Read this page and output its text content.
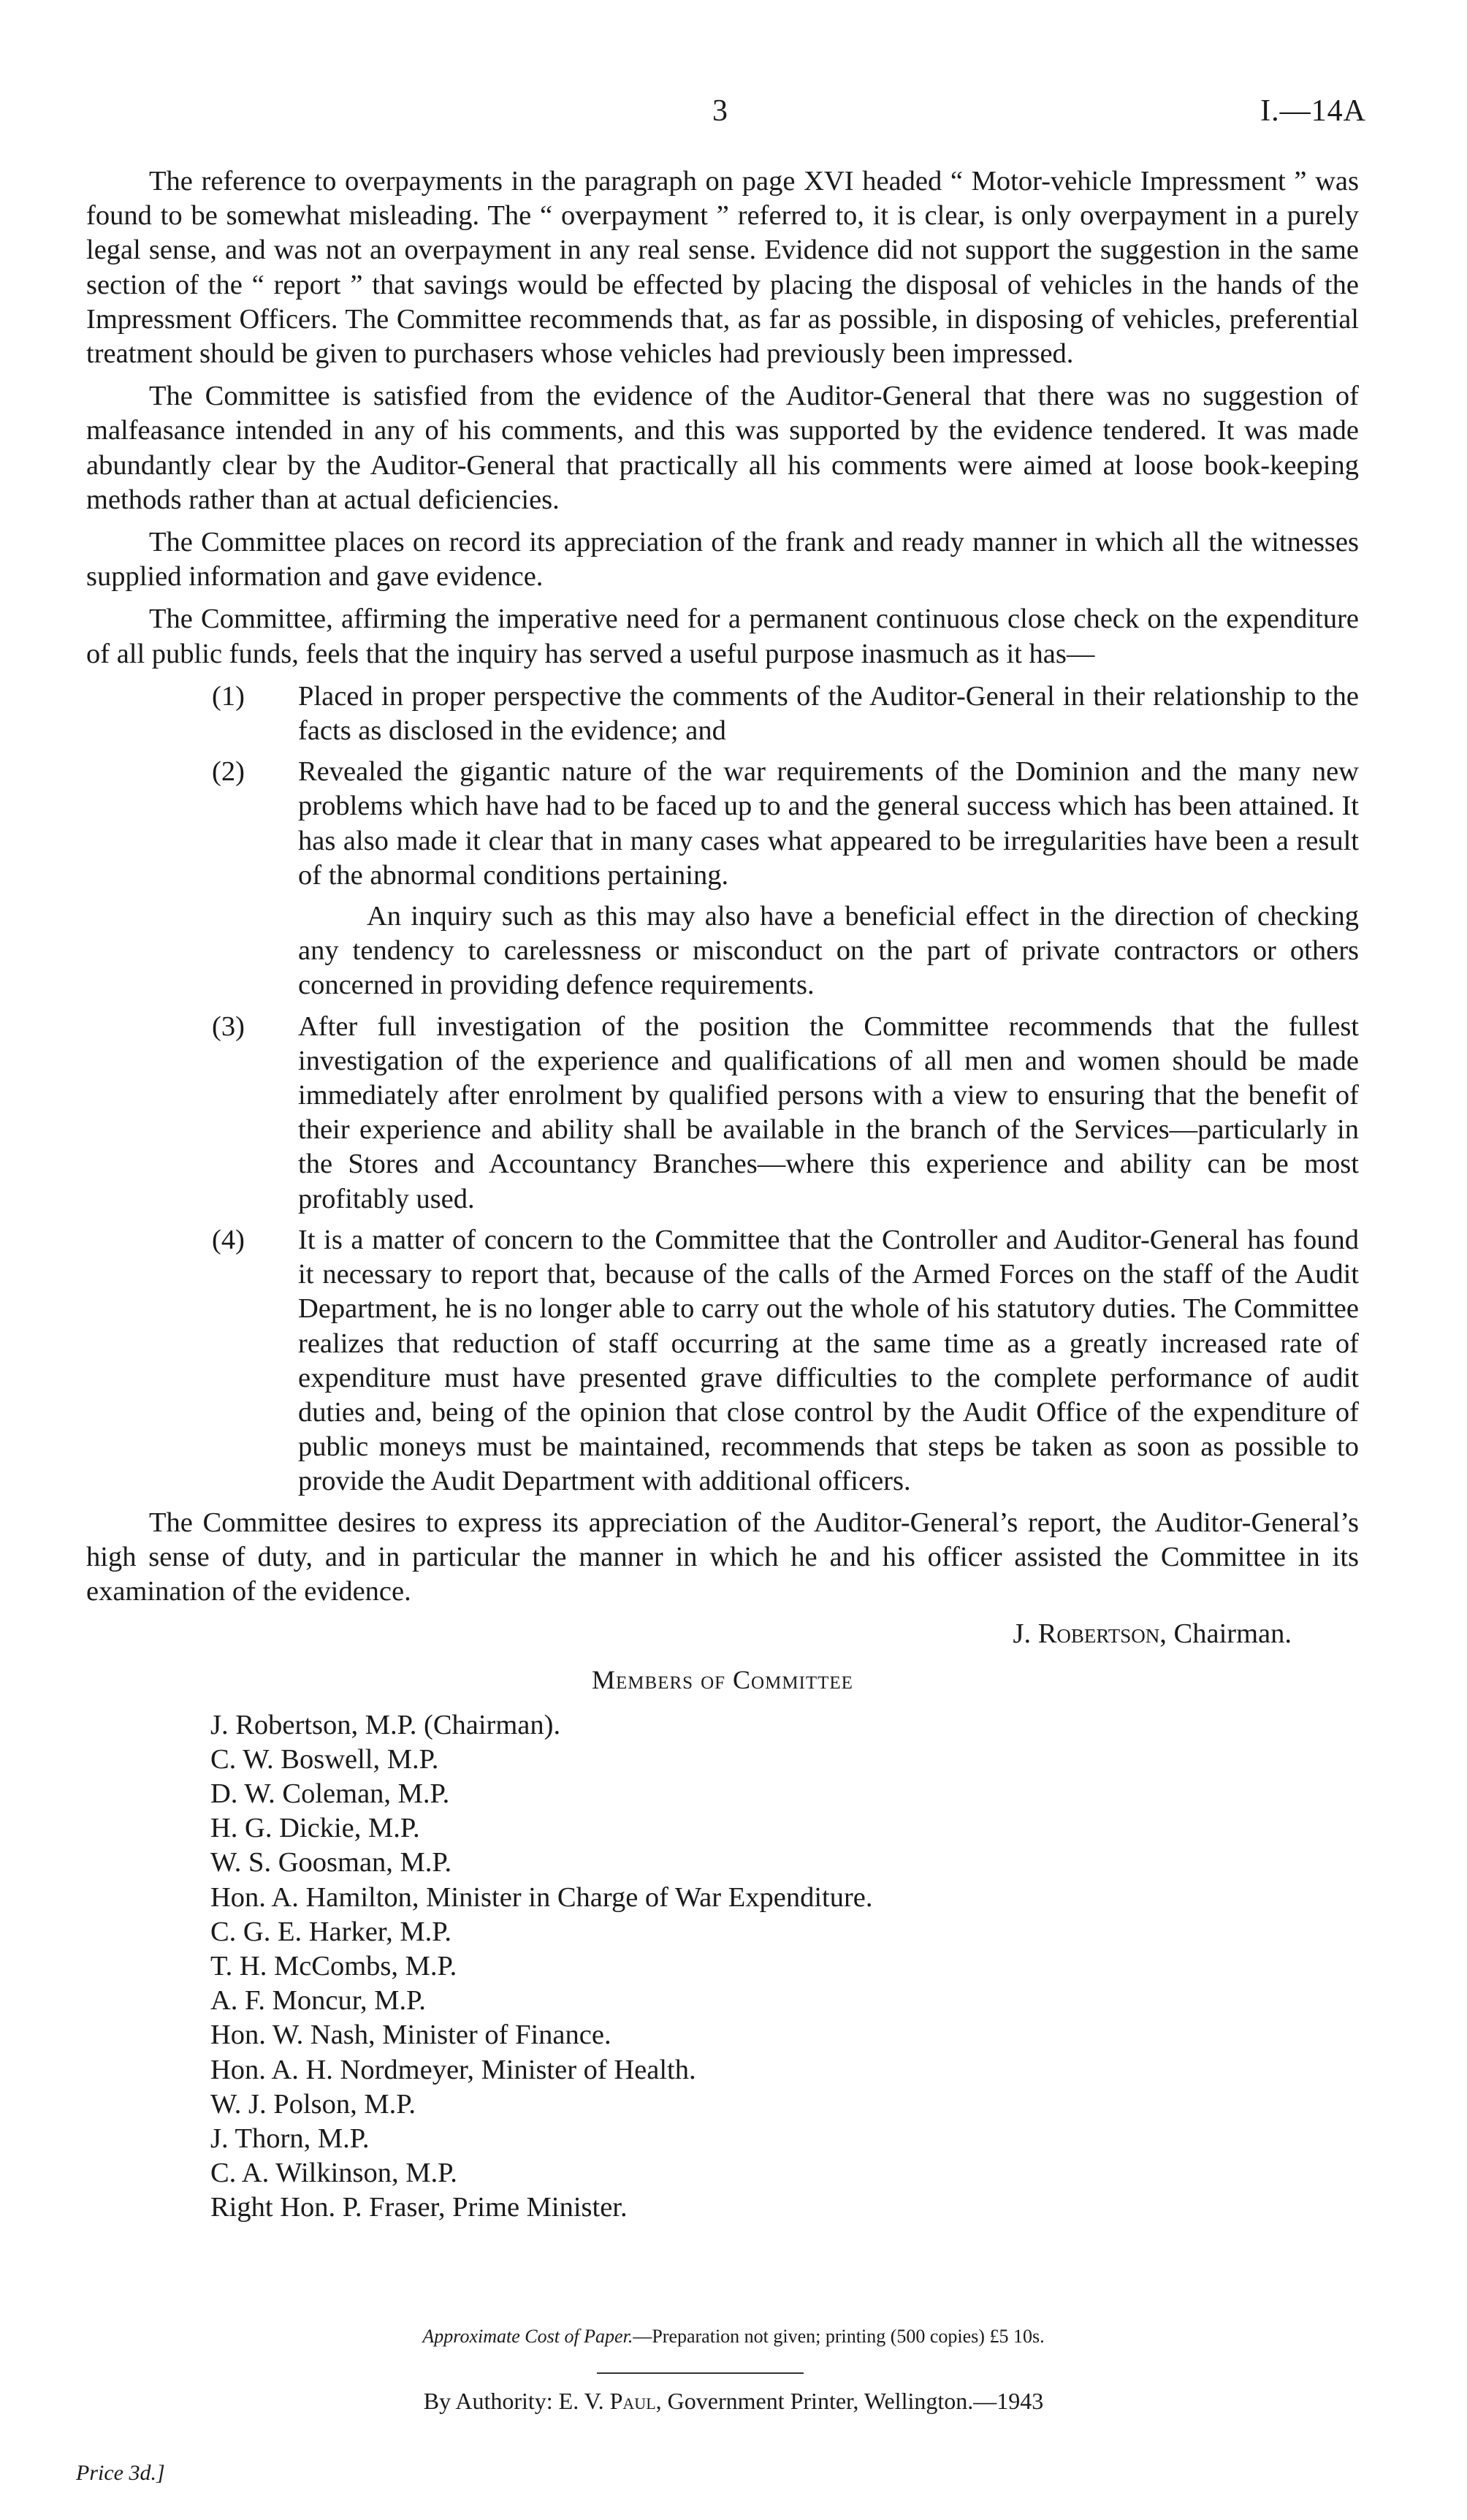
3	I.—14A

The reference to overpayments in the paragraph on page XVI headed “ Motor-vehicle Impressment ” was found to be somewhat misleading. The “ overpayment ” referred to, it is clear, is only overpayment in a purely legal sense, and was not an overpayment in any real sense. Evidence did not support the suggestion in the same section of the “ report ” that savings would be effected by placing the disposal of vehicles in the hands of the Impressment Officers. The Committee recommends that, as far as possible, in disposing of vehicles, preferential treatment should be given to purchasers whose vehicles had previously been impressed.

The Committee is satisfied from the evidence of the Auditor-General that there was no suggestion of malfeasance intended in any of his comments, and this was supported by the evidence tendered. It was made abundantly clear by the Auditor-General that practically all his comments were aimed at loose book-keeping methods rather than at actual deficiencies.

The Committee places on record its appreciation of the frank and ready manner in which all the witnesses supplied information and gave evidence.

The Committee, affirming the imperative need for a permanent continuous close check on the expenditure of all public funds, feels that the inquiry has served a useful purpose inasmuch as it has—

(1) Placed in proper perspective the comments of the Auditor-General in their relationship to the facts as disclosed in the evidence; and
(2) Revealed the gigantic nature of the war requirements of the Dominion and the many new problems which have had to be faced up to and the general success which has been attained. It has also made it clear that in many cases what appeared to be irregularities have been a result of the abnormal conditions pertaining.
An inquiry such as this may also have a beneficial effect in the direction of checking any tendency to carelessness or misconduct on the part of private contractors or others concerned in providing defence requirements.
(3) After full investigation of the position the Committee recommends that the fullest investigation of the experience and qualifications of all men and women should be made immediately after enrolment by qualified persons with a view to ensuring that the benefit of their experience and ability shall be available in the branch of the Services—particularly in the Stores and Accountancy Branches—where this experience and ability can be most profitably used.
(4) It is a matter of concern to the Committee that the Controller and Auditor-General has found it necessary to report that, because of the calls of the Armed Forces on the staff of the Audit Department, he is no longer able to carry out the whole of his statutory duties. The Committee realizes that reduction of staff occurring at the same time as a greatly increased rate of expenditure must have presented grave difficulties to the complete performance of audit duties and, being of the opinion that close control by the Audit Office of the expenditure of public moneys must be maintained, recommends that steps be taken as soon as possible to provide the Audit Department with additional officers.

The Committee desires to express its appreciation of the Auditor-General’s report, the Auditor-General’s high sense of duty, and in particular the manner in which he and his officer assisted the Committee in its examination of the evidence.

J. Robertson, Chairman.
Members of Committee
J. Robertson, M.P. (Chairman).
C. W. Boswell, M.P.
D. W. Coleman, M.P.
H. G. Dickie, M.P.
W. S. Goosman, M.P.
Hon. A. Hamilton, Minister in Charge of War Expenditure.
C. G. E. Harker, M.P.
T. H. McCombs, M.P.
A. F. Moncur, M.P.
Hon. W. Nash, Minister of Finance.
Hon. A. H. Nordmeyer, Minister of Health.
W. J. Polson, M.P.
J. Thorn, M.P.
C. A. Wilkinson, M.P.
Right Hon. P. Fraser, Prime Minister.
Approximate Cost of Paper.—Preparation not given; printing (500 copies) £5 10s.
By Authority: E. V. Paul, Government Printer, Wellington.—1943
Price 3d.]
